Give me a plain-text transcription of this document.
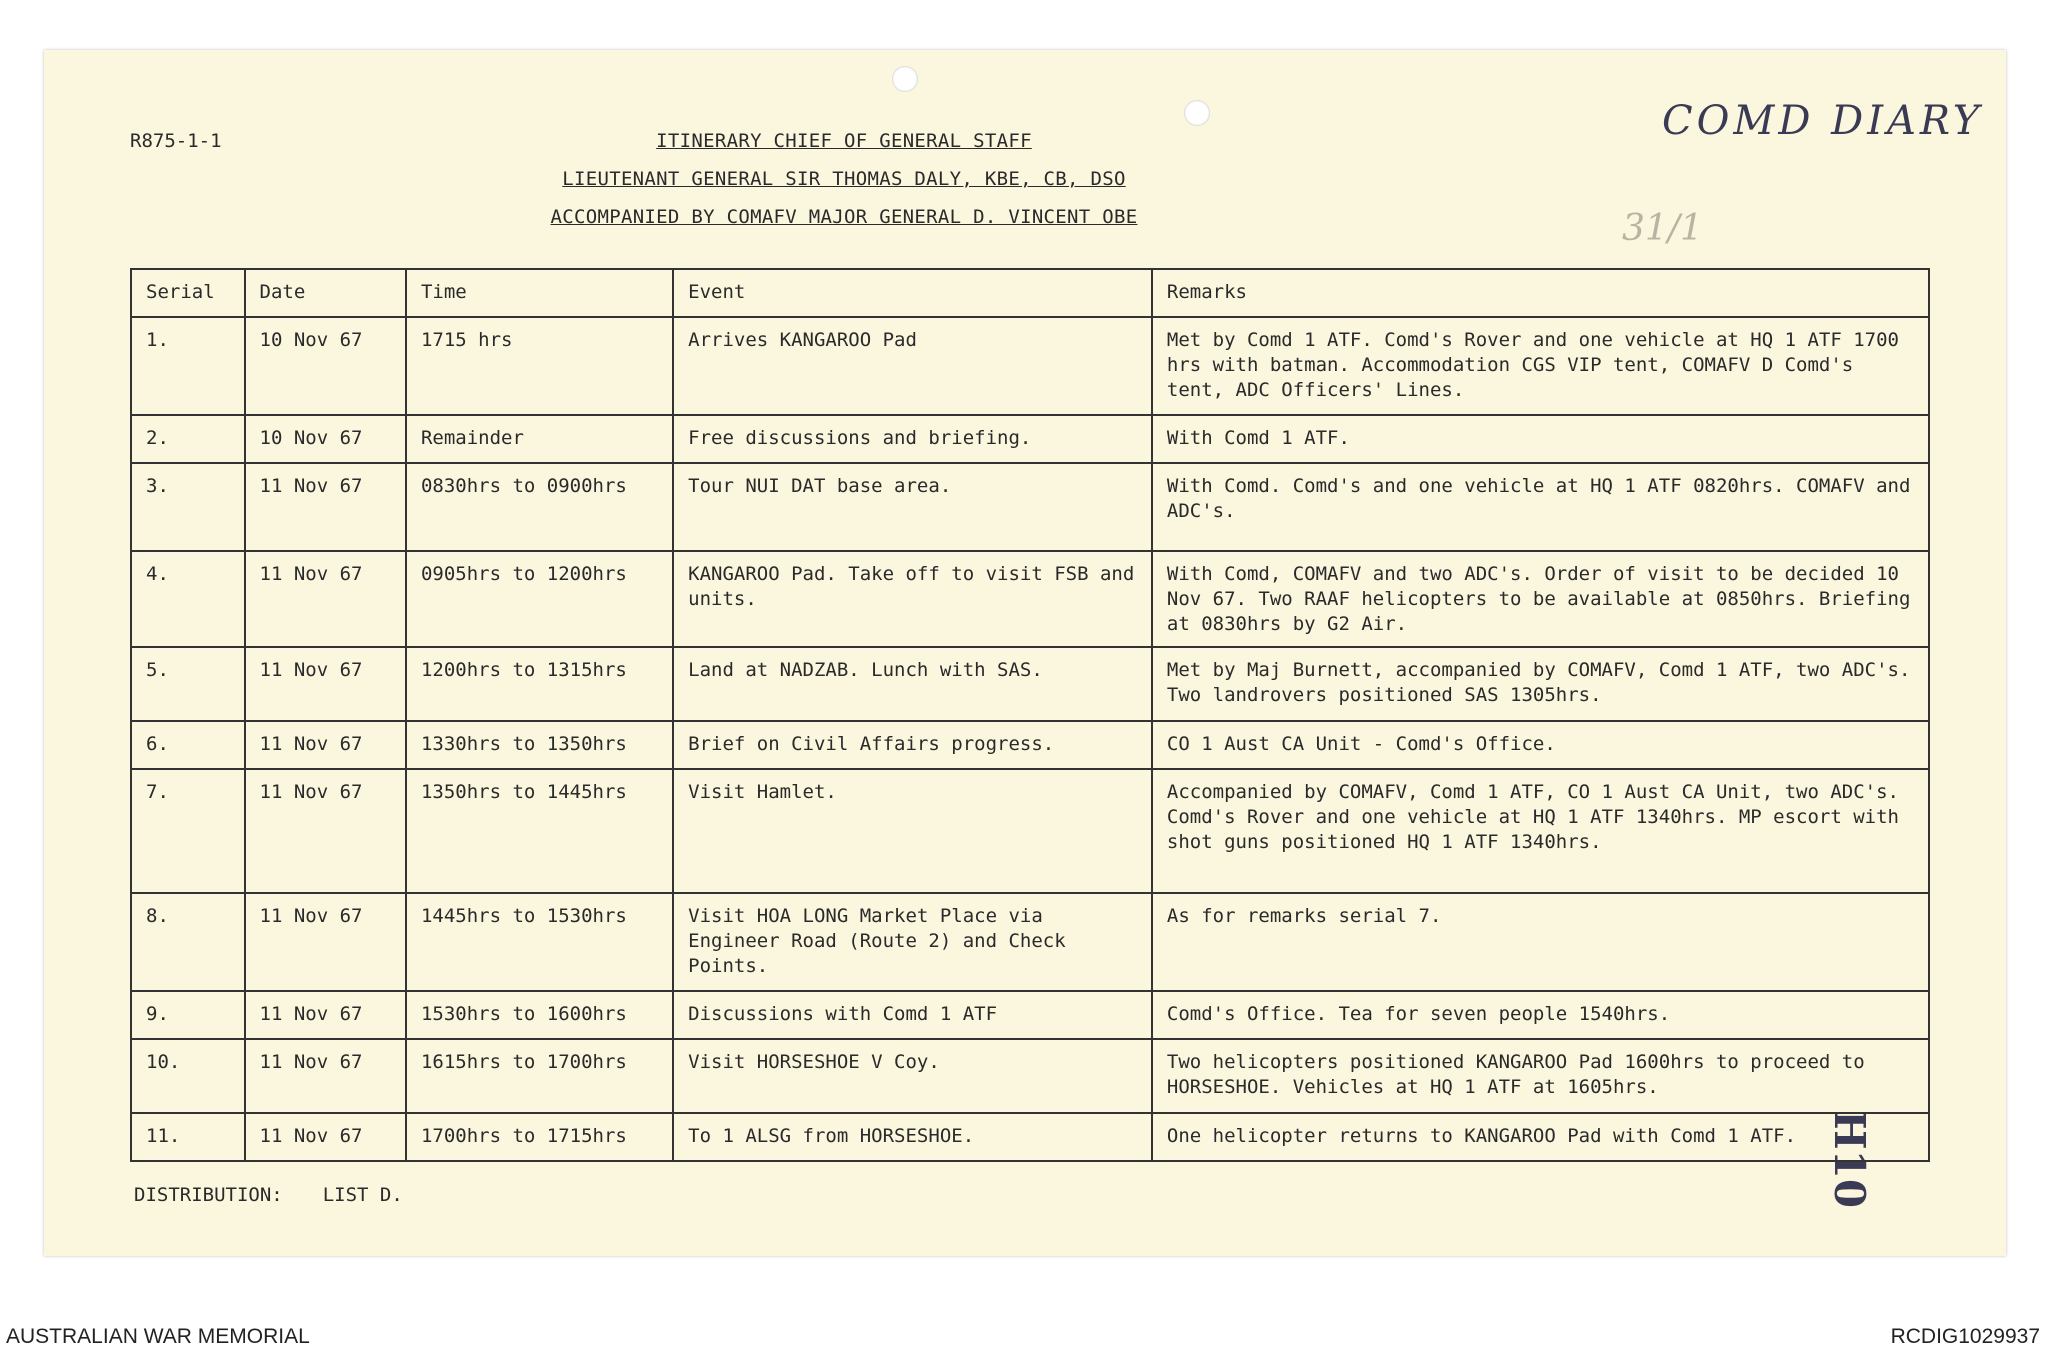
R875-1-1	ITINERARY CHIEF OF GENERAL STAFF
LIEUTENANT GENERAL SIR THOMAS DALY, KBE, CB, DSO
ACCOMPANIED BY COMAFV MAJOR GENERAL D. VINCENT OBE
COMD DIARY
31/1
H10
Serial	Date	Time	Event	Remarks
1.	10 Nov 67	1715 hrs	Arrives KANGAROO Pad	Met by Comd 1 ATF. Comd's Rover and one vehicle at HQ 1 ATF 1700 hrs with batman. Accommodation CGS VIP tent, COMAFV D Comd's tent, ADC Officers' Lines.
2.	10 Nov 67	Remainder	Free discussions and briefing.	With Comd 1 ATF.
3.	11 Nov 67	0830hrs to 0900hrs	Tour NUI DAT base area.	With Comd. Comd's and one vehicle at HQ 1 ATF 0820hrs. COMAFV and ADC's.
4.	11 Nov 67	0905hrs to 1200hrs	KANGAROO Pad. Take off to visit FSB and units.	With Comd, COMAFV and two ADC's. Order of visit to be decided 10 Nov 67. Two RAAF helicopters to be available at 0850hrs. Briefing at 0830hrs by G2 Air.
5.	11 Nov 67	1200hrs to 1315hrs	Land at NADZAB. Lunch with SAS.	Met by Maj Burnett, accompanied by COMAFV, Comd 1 ATF, two ADC's. Two landrovers positioned SAS 1305hrs.
6.	11 Nov 67	1330hrs to 1350hrs	Brief on Civil Affairs progress.	CO 1 Aust CA Unit - Comd's Office.
7.	11 Nov 67	1350hrs to 1445hrs	Visit Hamlet.	Accompanied by COMAFV, Comd 1 ATF, CO 1 Aust CA Unit, two ADC's. Comd's Rover and one vehicle at HQ 1 ATF 1340hrs. MP escort with shot guns positioned HQ 1 ATF 1340hrs.
8.	11 Nov 67	1445hrs to 1530hrs	Visit HOA LONG Market Place via Engineer Road (Route 2) and Check Points.	As for remarks serial 7.
9.	11 Nov 67	1530hrs to 1600hrs	Discussions with Comd 1 ATF	Comd's Office. Tea for seven people 1540hrs.
10.	11 Nov 67	1615hrs to 1700hrs	Visit HORSESHOE V Coy.	Two helicopters positioned KANGAROO Pad 1600hrs to proceed to HORSESHOE. Vehicles at HQ 1 ATF at 1605hrs.
11.	11 Nov 67	1700hrs to 1715hrs	To 1 ALSG from HORSESHOE.	One helicopter returns to KANGAROO Pad with Comd 1 ATF.
DISTRIBUTION: LIST D.
AUSTRALIAN WAR MEMORIAL	RCDIG1029937
